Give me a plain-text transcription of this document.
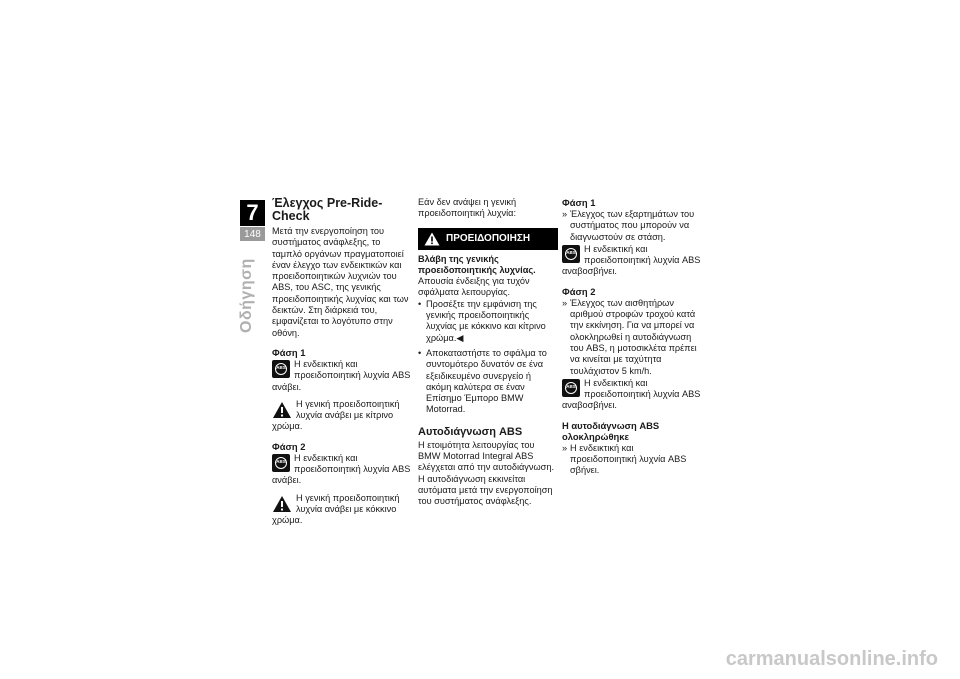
7
148
Οδήγηση
Έλεγχος Pre-Ride-Check

Μετά την ενεργοποίηση του συστήματος ανάφλεξης, το ταμπλό οργάνων πραγματοποιεί έναν έλεγχο των ενδεικτικών και προειδοποιητικών λυχνιών του ABS, του ASC, της γενικής προειδοποιητικής λυχνίας και των δεικτών. Στη διάρκειά του, εμφανίζεται το λογότυπο στην οθόνη.

Φάση 1
ABS Η ενδεικτική και προειδοποιητική λυχνία ABS ανάβει.

Η γενική προειδοποιητική λυχνία ανάβει με κίτρινο χρώμα.

Φάση 2
ABS Η ενδεικτική και προειδοποιητική λυχνία ABS ανάβει.

Η γενική προειδοποιητική λυχνία ανάβει με κόκκινο χρώμα.

Εάν δεν ανάψει η γενική προειδοποιητική λυχνία:

ΠΡΟΕΙΔΟΠΟΙΗΣΗ

Βλάβη της γενικής προειδοποιητικής λυχνίας.

Απουσία ένδειξης για τυχόν σφάλματα λειτουργίας.

• Προσέξτε την εμφάνιση της γενικής προειδοποιητικής λυχνίας με κόκκινο και κίτρινο χρώμα.◀
• Αποκαταστήστε το σφάλμα το συντομότερο δυνατόν σε ένα εξειδικευμένο συνεργείο ή ακόμη καλύτερα σε έναν Επίσημο Έμπορο BMW Motorrad.
Αυτοδιάγνωση ABS

Η ετοιμότητα λειτουργίας του BMW Motorrad Integral ABS ελέγχεται από την αυτοδιάγνωση. Η αυτοδιάγνωση εκκινείται αυτόματα μετά την ενεργοποίηση του συστήματος ανάφλεξης.

Φάση 1
» Έλεγχος των εξαρτημάτων του συστήματος που μπορούν να διαγνωστούν σε στάση.
ABS Η ενδεικτική και προειδοποιητική λυχνία ABS αναβοσβήνει.

Φάση 2
» Έλεγχος των αισθητήρων αριθμού στροφών τροχού κατά την εκκίνηση. Για να μπορεί να ολοκληρωθεί η αυτοδιάγνωση του ABS, η μοτοσικλέτα πρέπει να κινείται με ταχύτητα τουλάχιστον 5 km/h.
ABS Η ενδεικτική και προειδοποιητική λυχνία ABS αναβοσβήνει.

Η αυτοδιάγνωση ABS ολοκληρώθηκε
» Η ενδεικτική και προειδοποιητική λυχνία ABS σβήνει.
carmanualsonline.info
